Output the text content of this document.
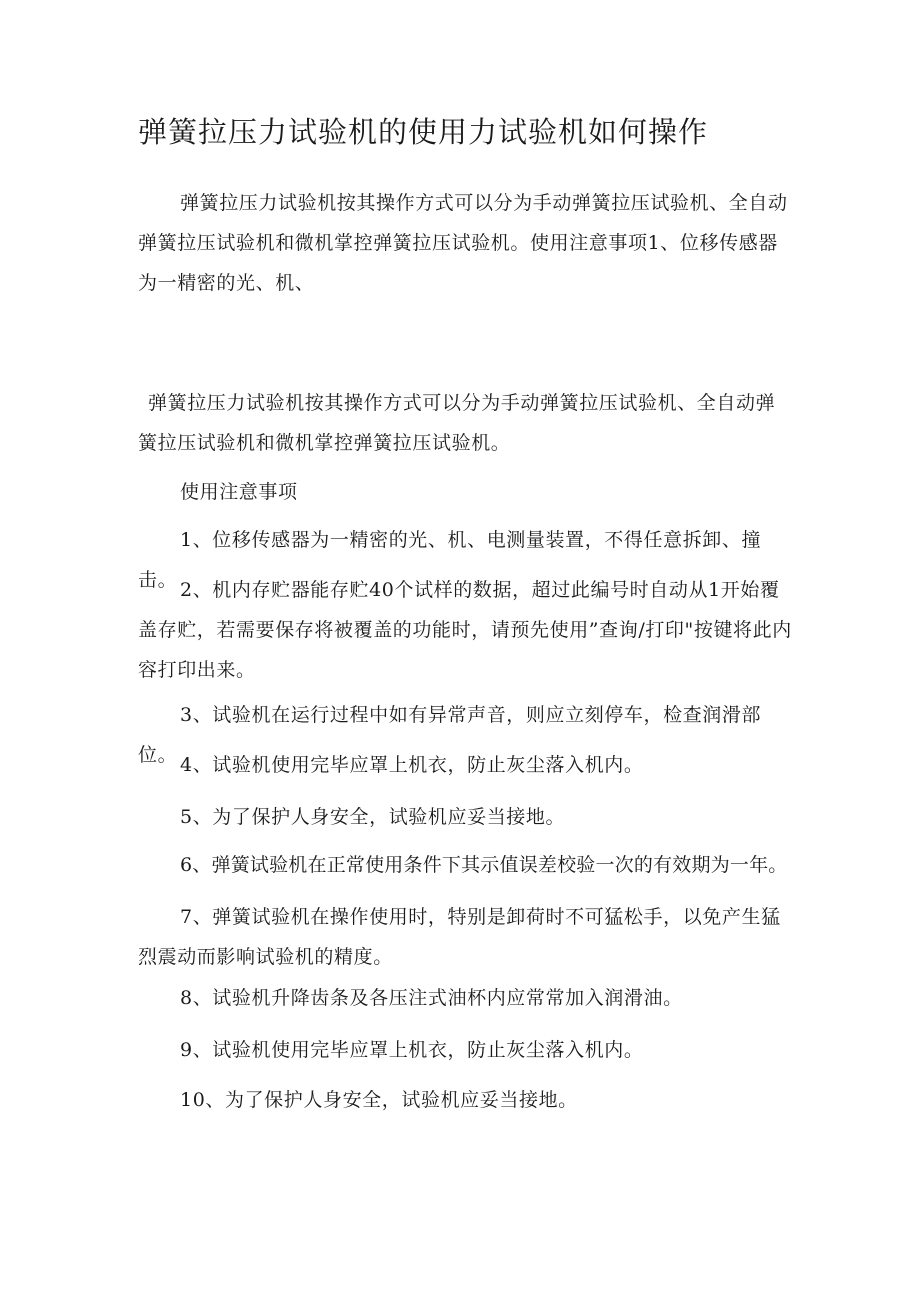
弹簧拉压力试验机的使用力试验机如何操作

弹簧拉压力试验机按其操作方式可以分为手动弹簧拉压试验机、全自动弹簧拉压试验机和微机掌控弹簧拉压试验机。使用注意事项1、位移传感器为一精密的光、机、

弹簧拉压力试验机按其操作方式可以分为手动弹簧拉压试验机、全自动弹簧拉压试验机和微机掌控弹簧拉压试验机。

使用注意事项

1、位移传感器为一精密的光、机、电测量装置，不得任意拆卸、撞击。 2、机内存贮器能存贮40个试样的数据，超过此编号时自动从1开始覆盖存贮，若需要保存将被覆盖的功能时，请预先使用”查询/打印"按键将此内容打印出来。

3、试验机在运行过程中如有异常声音，则应立刻停车，检查润滑部位。 4、试验机使用完毕应罩上机衣，防止灰尘落入机内。

5、为了保护人身安全，试验机应妥当接地。

6、弹簧试验机在正常使用条件下其示值误差校验一次的有效期为一年。

7、弹簧试验机在操作使用时，特别是卸荷时不可猛松手，以免产生猛烈震动而影响试验机的精度。

8、试验机升降齿条及各压注式油杯内应常常加入润滑油。

9、试验机使用完毕应罩上机衣，防止灰尘落入机内。

10、为了保护人身安全，试验机应妥当接地。
